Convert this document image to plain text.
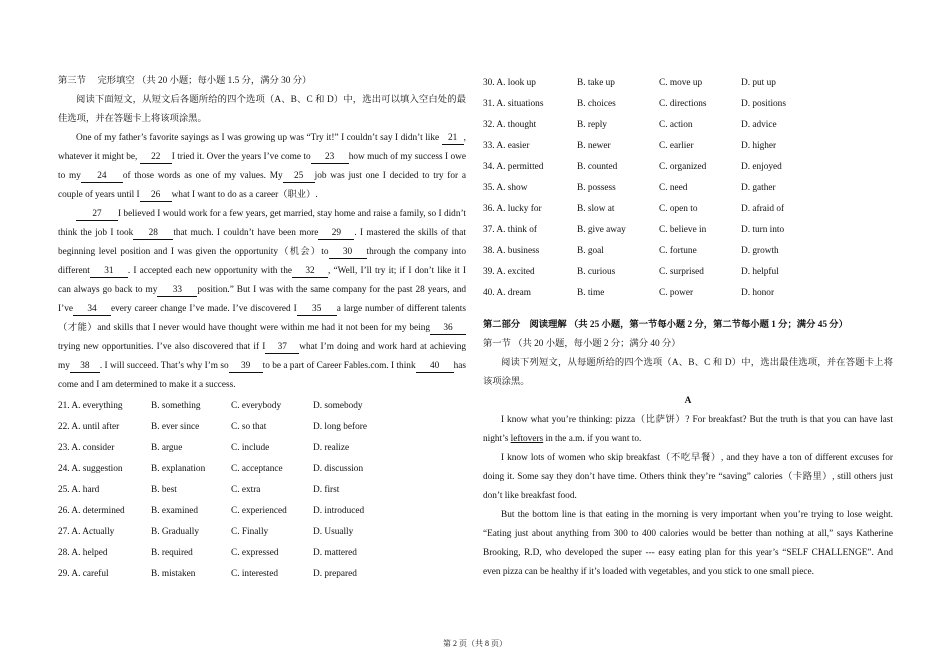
第三节　 完形填空 （共 20 小题；每小题 1.5 分，满分 30 分）

阅读下面短文，从短文后各题所给的四个选项（A、B、C 和 D）中，选出可以填入空白处的最佳选项，并在答题卡上将该项涂黑。

One of my father’s favorite sayings as I was growing up was “Try it!” I couldn’t say I didn’t like 21 , whatever it might be, 22 I tried it. Over the years I’ve come to 23 how much of my success I owe to my 24 of those words as one of my values. My 25 job was just one I decided to try for a couple of years until I 26 what I want to do as a career（职业）.

27 I believed I would work for a few years, get married, stay home and raise a family, so I didn’t think the job I took 28 that much. I couldn’t have been more 29 . I mastered the skills of that beginning level position and I was given the opportunity（机会）to 30 through the company into different 31 . I accepted each new opportunity with the 32 , “Well, I’ll try it; if I don’t like it I can always go back to my 33 position.” But I was with the same company for the past 28 years, and I’ve 34 every career change I’ve made. I’ve discovered I 35 a large number of different talents（才能）and skills that I never would have thought were within me had it not been for my being 36trying new opportunities. I’ve also discovered that if I 37 what I’m doing and work hard at achieving my 38 . I will succeed. That’s why I’m so 39 to be a part of Career Fables.com. I think 40 has come and I am determined to make it a success.

21. A. everything	B. something	C. everybody	D. somebody
22. A. until after	B. ever since	C. so that	D. long before
23. A. consider	B. argue	C. include	D. realize
24. A. suggestion	B. explanation	C. acceptance	D. discussion
25. A. hard	B. best	C. extra	D. first
26. A. determined	B. examined	C. experienced	D. introduced
27. A. Actually	B. Gradually	C. Finally	D. Usually
28. A. helped	B. required	C. expressed	D. mattered
29. A. careful	B. mistaken	C. interested	D. prepared
30. A. look up	B. take up	C. move up	D. put up
31. A. situations	B. choices	C. directions	D. positions
32. A. thought	B. reply	C. action	D. advice
33. A. easier	B. newer	C. earlier	D. higher
34. A. permitted	B. counted	C. organized	D. enjoyed
35. A. show	B. possess	C. need	D. gather
36. A. lucky for	B. slow at	C. open to	D. afraid of
37. A. think of	B. give away	C. believe in	D. turn into
38. A. business	B. goal	C. fortune	D. growth
39. A. excited	B. curious	C. surprised	D. helpful
40. A. dream	B. time	C. power	D. honor

第二部分　阅读理解 （共 25 小题，第一节每小题 2 分，第二节每小题 1 分；满分 45 分）

第一节 （共 20 小题，每小题 2 分；满分 40 分）

阅读下列短文，从每题所给的四个选项（A、B、C 和 D）中，选出最佳选项，并在答题卡上将该项涂黑。

A

I know what you’re thinking: pizza（比萨饼）? For breakfast? But the truth is that you can have last night’s leftovers in the a.m. if you want to.

I know lots of women who skip breakfast（不吃早餐）, and they have a ton of different excuses for doing it. Some say they don’t have time. Others think they’re “saving” calories（卡路里）, still others just don’t like breakfast food.

But the bottom line is that eating in the morning is very important when you’re trying to lose weight. “Eating just about anything from 300 to 400 calories would be better than nothing at all,” says Katherine Brooking, R.D, who developed the super --- easy eating plan for this year’s “SELF CHALLENGE”. And even pizza can be healthy if it’s loaded with vegetables, and you stick to one small piece.

第 2 页（共 8 页）
